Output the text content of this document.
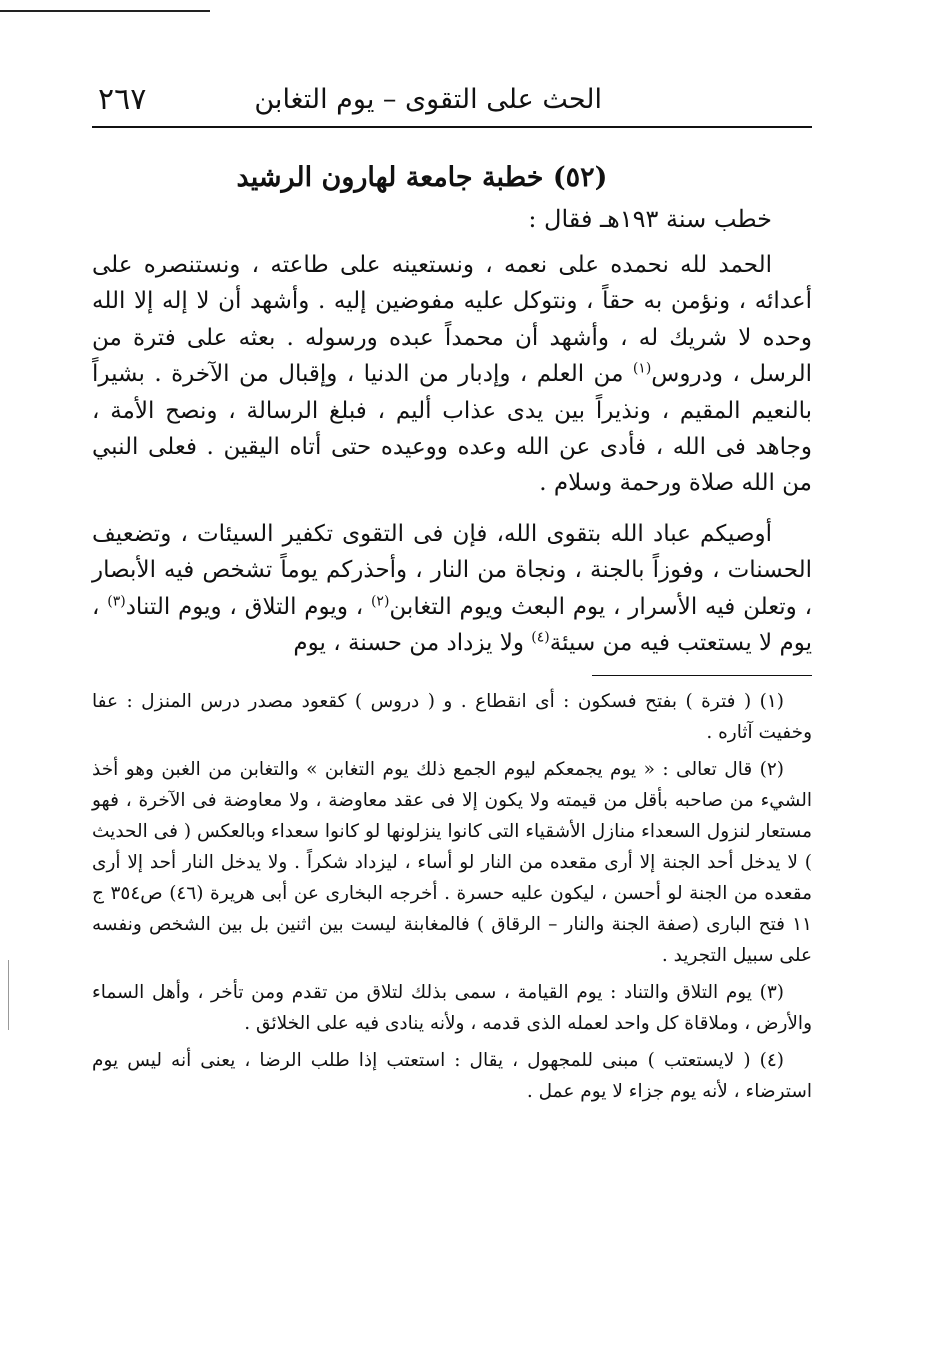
الحث على التقوى – يوم التغابن
٢٦٧
(٥٢) خطبة جامعة لهارون الرشيد
خطب سنة ١٩٣هـ فقال :

الحمد لله نحمده على نعمه ، ونستعينه على طاعته ، ونستنصره على أعدائه ، ونؤمن به حقاً ، ونتوكل عليه مفوضين إليه . وأشهد أن لا إله إلا الله وحده لا شريك له ، وأشهد أن محمداً عبده ورسوله . بعثه على فترة من الرسل ، ودروس$^{(١)}$ من العلم ، وإدبار من الدنيا ، وإقبال من الآخرة . بشيراً بالنعيم المقيم ، ونذيراً بين يدى عذاب أليم ، فبلغ الرسالة ، ونصح الأمة ، وجاهد فى الله ، فأدى عن الله وعده ووعيده حتى أتاه اليقين . فعلى النبي من الله صلاة ورحمة وسلام .

أوصيكم عباد الله بتقوى الله، فإن فى التقوى تكفير السيئات ، وتضعيف الحسنات ، وفوزاً بالجنة ، ونجاة من النار ، وأحذركم يوماً تشخص فيه الأبصار ، وتعلن فيه الأسرار ، يوم البعث ويوم التغابن$^{(٢)}$ ، ويوم التلاق ، ويوم التناد$^{(٣)}$ ، يوم لا يستعتب فيه من سيئة$^{(٤)}$ ولا يزداد من حسنة ، يوم

(١) ( فترة ) بفتح فسكون : أى انقطاع . و ( دروس ) كقعود مصدر درس المنزل : عفا وخفيت آثاره .

(٢) قال تعالى : « يوم يجمعكم ليوم الجمع ذلك يوم التغابن » والتغابن من الغبن وهو أخذ الشيء من صاحبه بأقل من قيمته ولا يكون إلا فى عقد معاوضة ، ولا معاوضة فى الآخرة ، فهو مستعار لنزول السعداء منازل الأشقياء التى كانوا ينزلونها لو كانوا سعداء وبالعكس ( فى الحديث ) لا يدخل أحد الجنة إلا أرى مقعده من النار لو أساء ، ليزداد شكراً . ولا يدخل النار أحد إلا أرى مقعده من الجنة لو أحسن ، ليكون عليه حسرة . أخرجه البخارى عن أبى هريرة (٤٦) ص٣٥٤ ج ١١ فتح البارى (صفة الجنة والنار – الرقاق ) فالمغابنة ليست بين اثنين بل بين الشخص ونفسه على سبيل التجريد .

(٣) يوم التلاق والتناد : يوم القيامة ، سمى بذلك لتلاق من تقدم ومن تأخر ، وأهل السماء والأرض ، وملاقاة كل واحد لعمله الذى قدمه ، ولأنه ينادى فيه على الخلائق .

(٤) ( لايستعتب ) مبنى للمجهول ، يقال : استعتب إذا طلب الرضا ، يعنى أنه ليس يوم استرضاء ، لأنه يوم جزاء لا يوم عمل .
